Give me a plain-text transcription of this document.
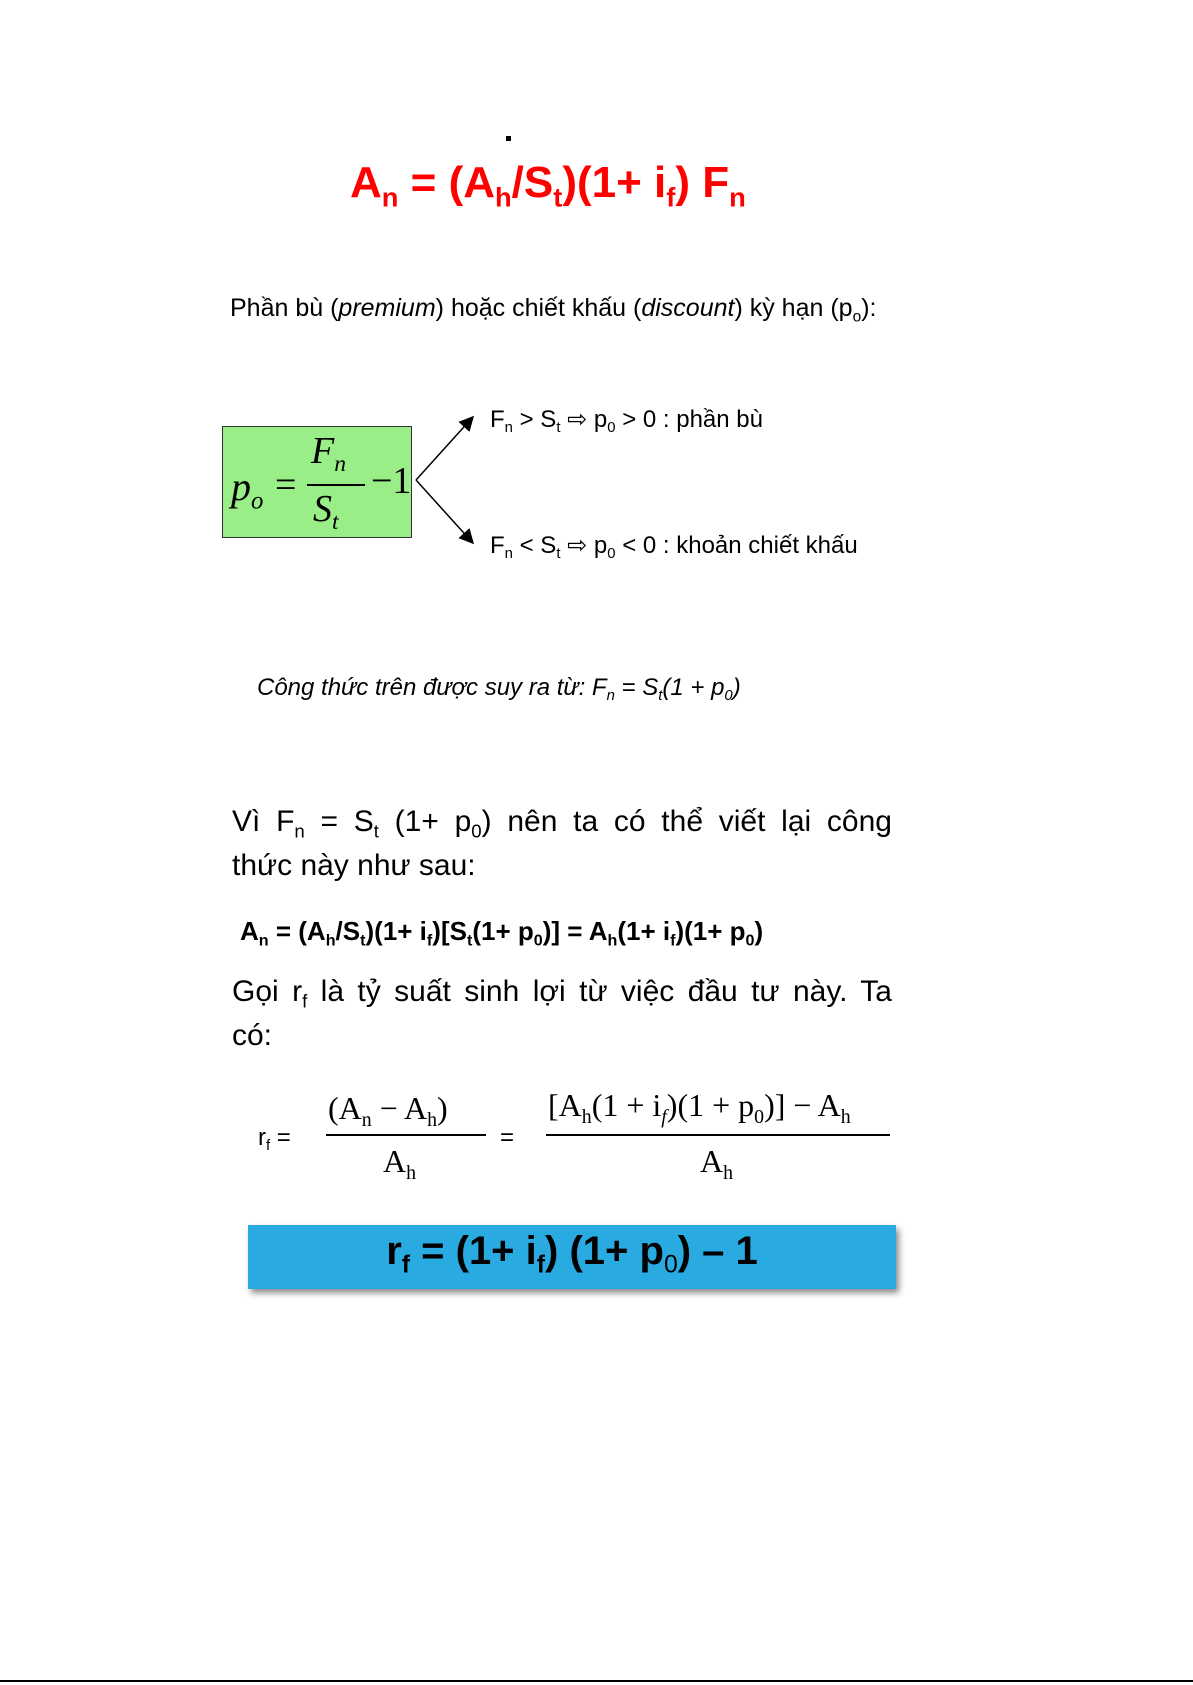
$A_n = (A_h/S_t)(1+ i_f)$ $F_n$
Phần bù (premium) hoặc chiết khấu (discount) kỳ hạn $(p_o)$:
$p_o$ =
$F_n$
$S_t$
−1
$F_n > S_t$ ⇨ $p_0 > 0$ : phần bù
$F_n < S_t$ ⇨ $p_0 < 0$ : khoản chiết khấu
Công thức trên được suy ra từ: $F_n = S_t(1 + p_0)$
Vì $F_n = S_t$ $(1+ p_0)$ nên ta có thể viết lại công
thức này như sau:
$A_n = (A_h/S_t)(1+ i_f)[S_t(1+ p_0)] = A_h(1+ i_f)(1+ p_0)$
Gọi $r_f$ là tỷ suất sinh lợi từ việc đầu tư này. Ta
có:
$r_f$ =
$(A_n - A_h)$
$A_h$
=
$[A_h(1 + i_f)(1 + p_0)] - A_h$
$A_h$
$r_f = (1+ i_f)$ $(1+ p_0) - 1$
